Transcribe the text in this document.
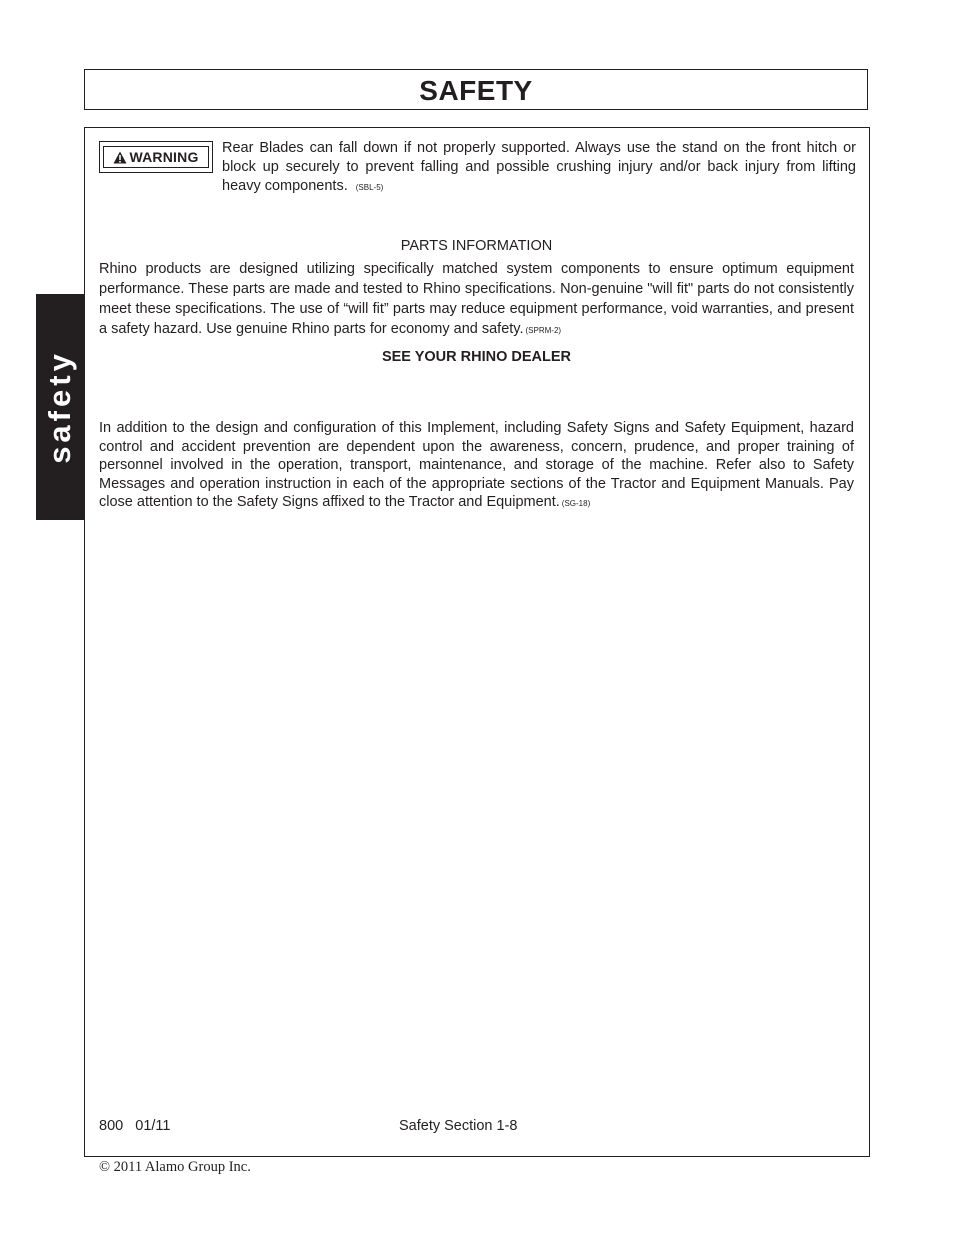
SAFETY
safety
WARNING
Rear Blades can fall down if not properly supported. Always use the stand on the front hitch or block up securely to prevent falling and possible crushing injury and/or back injury from lifting heavy components. (SBL-5)
PARTS INFORMATION
Rhino products are designed utilizing specifically matched system components to ensure optimum equipment performance. These parts are made and tested to Rhino specifications. Non-genuine "will fit" parts do not consistently meet these specifications. The use of “will fit” parts may reduce equipment performance, void warranties, and present a safety hazard. Use genuine Rhino parts for economy and safety. (SPRM-2)
SEE YOUR RHINO DEALER
In addition to the design and configuration of this Implement, including Safety Signs and Safety Equipment, hazard control and accident prevention are dependent upon the awareness, concern, prudence, and proper training of personnel involved in the operation, transport, maintenance, and storage of the machine. Refer also to Safety Messages and operation instruction in each of the appropriate sections of the Tractor and Equipment Manuals. Pay close attention to the Safety Signs affixed to the Tractor and Equipment. (SG-18)
800   01/11	Safety Section 1-8
© 2011 Alamo Group Inc.
